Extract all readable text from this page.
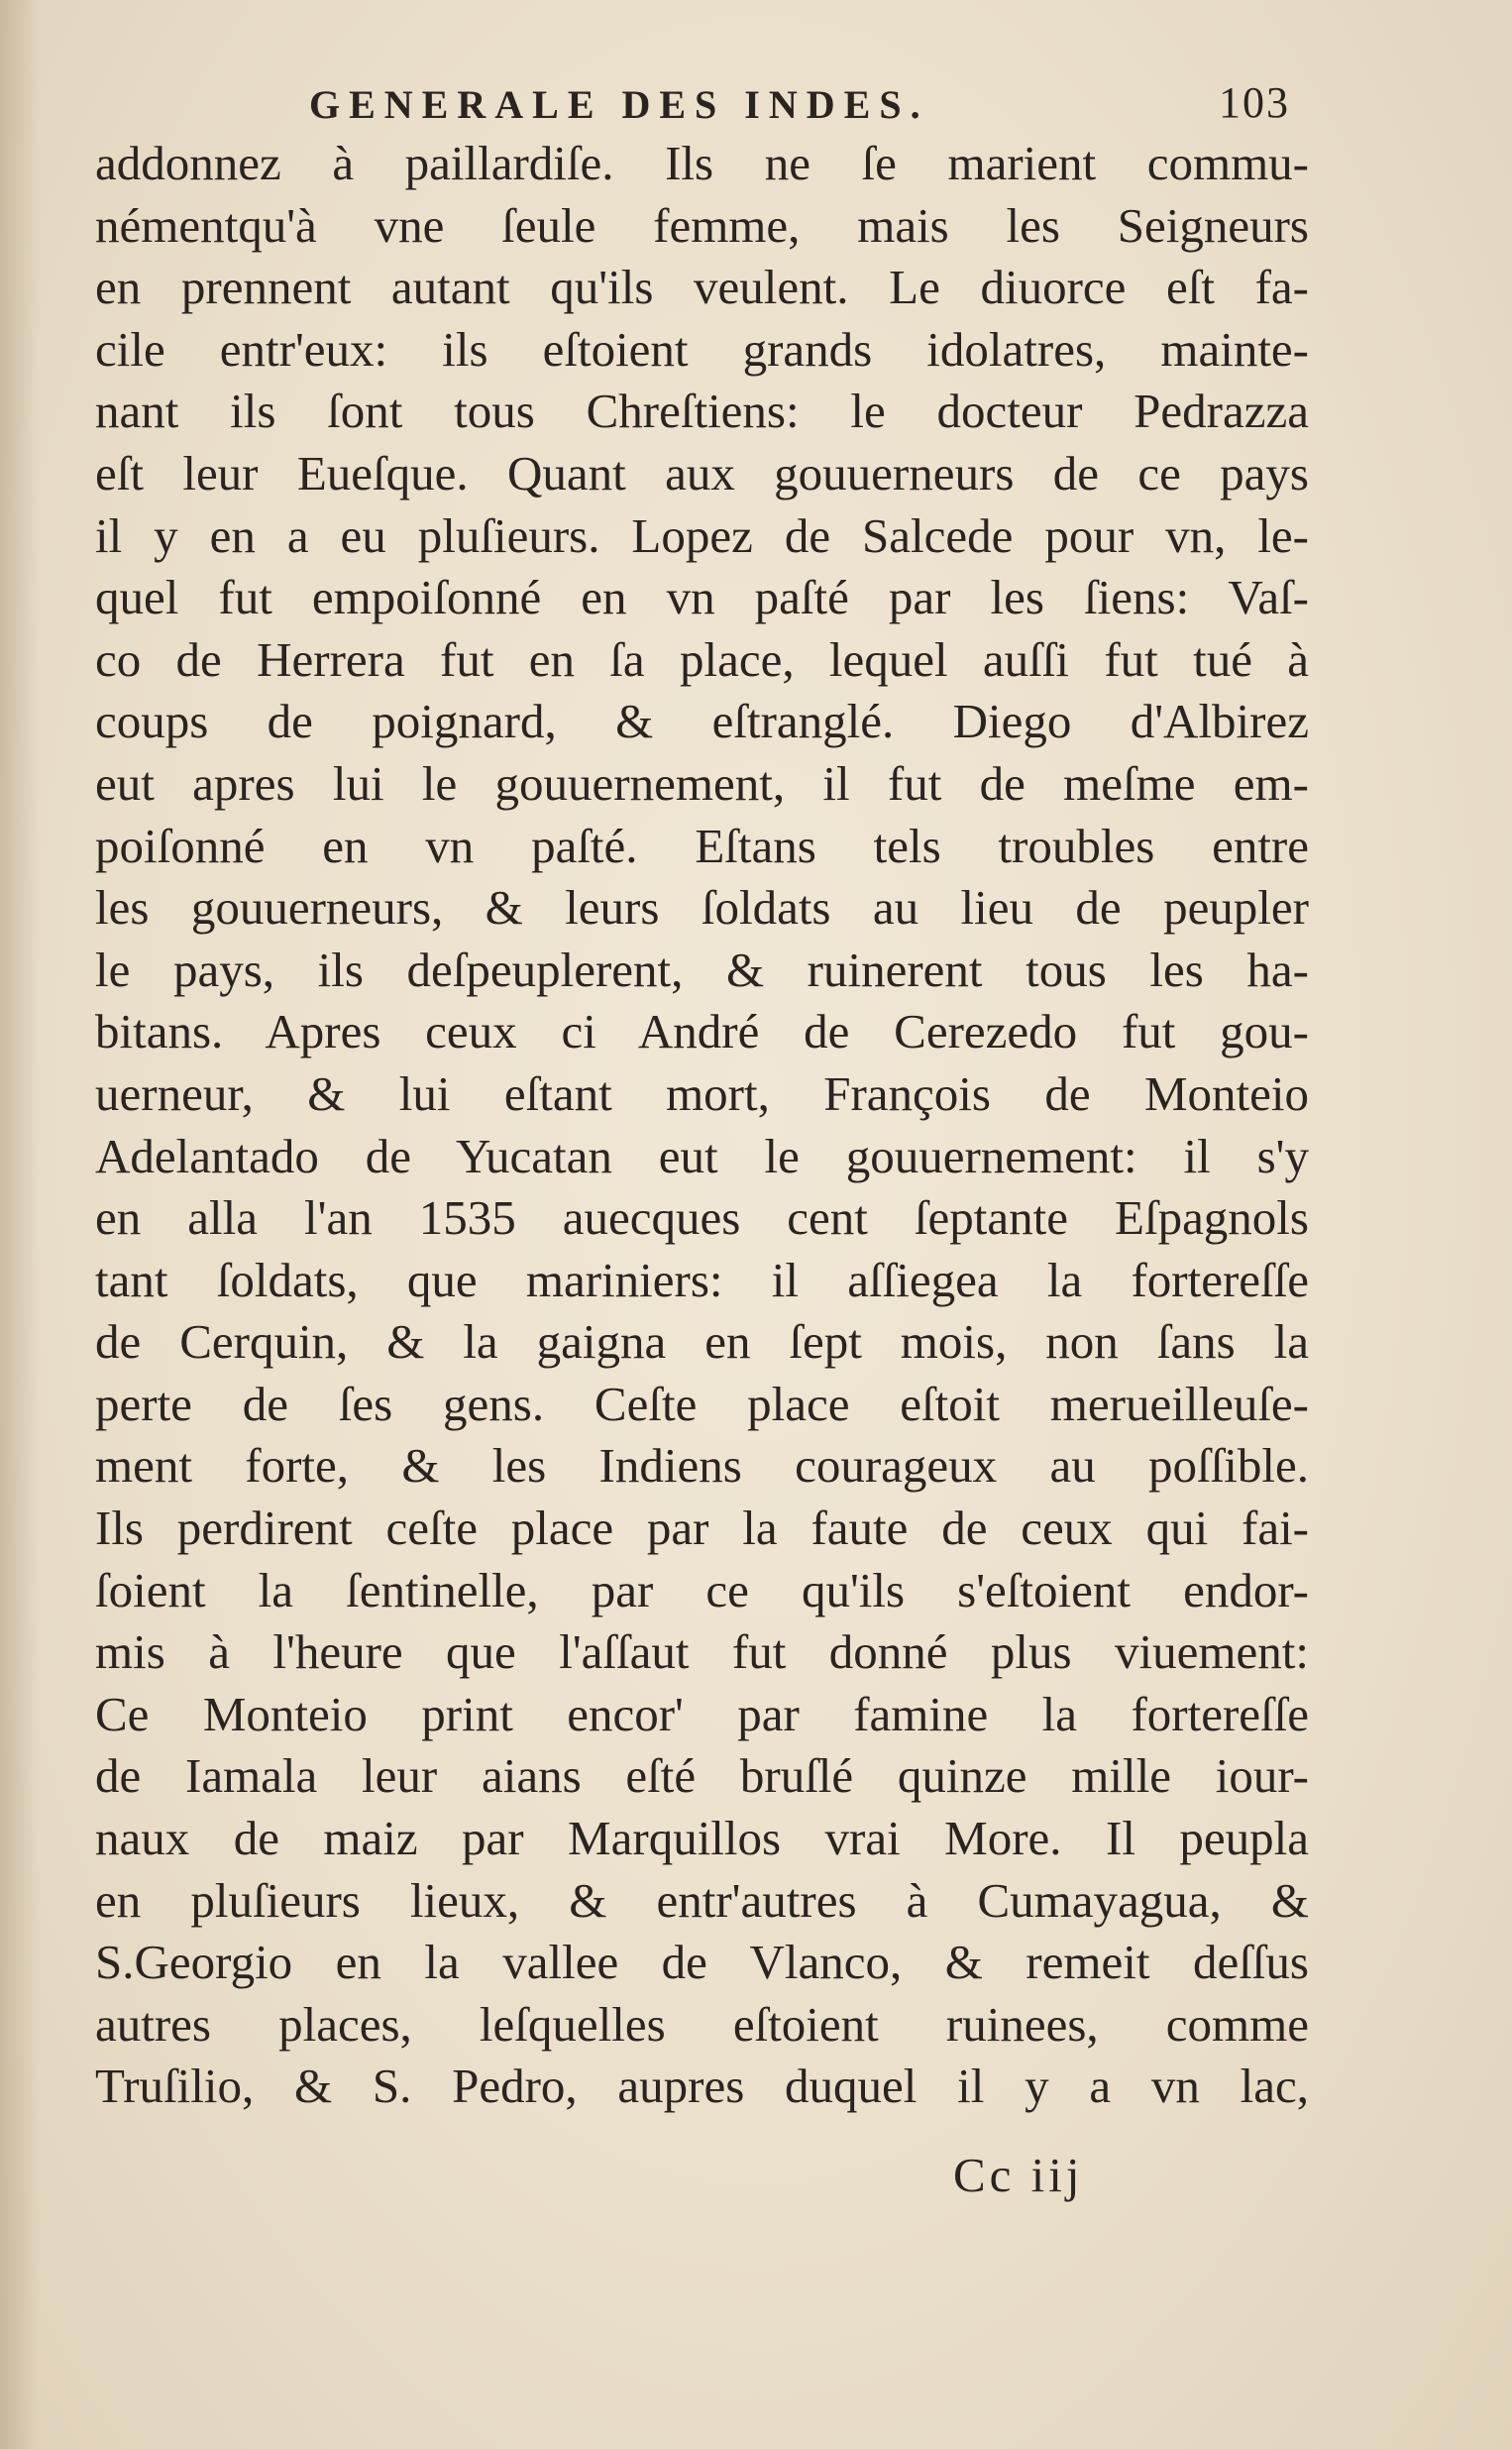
GENERALE DES INDES.	103
addonnez à paillardiſe. Ils ne ſe marient commu-
némentqu'à vne ſeule femme, mais les Seigneurs
en prennent autant qu'ils veulent. Le diuorce eſt fa-
cile entr'eux: ils eſtoient grands idolatres, mainte-
nant ils ſont tous Chreſtiens: le docteur Pedrazza
eſt leur Eueſque. Quant aux gouuerneurs de ce pays
il y en a eu pluſieurs. Lopez de Salcede pour vn, le-
quel fut empoiſonné en vn paſté par les ſiens: Vaſ-
co de Herrera fut en ſa place, lequel auſſi fut tué à
coups de poignard, & eſtranglé. Diego d'Albirez
eut apres lui le gouuernement, il fut de meſme em-
poiſonné en vn paſté. Eſtans tels troubles entre
les gouuerneurs, & leurs ſoldats au lieu de peupler
le pays, ils deſpeuplerent, & ruinerent tous les ha-
bitans. Apres ceux ci André de Cerezedo fut gou-
uerneur, & lui eſtant mort, François de Monteio
Adelantado de Yucatan eut le gouuernement: il s'y
en alla l'an 1535 auecques cent ſeptante Eſpagnols
tant ſoldats, que mariniers: il aſſiegea la fortereſſe
de Cerquin, & la gaigna en ſept mois, non ſans la
perte de ſes gens. Ceſte place eſtoit merueilleuſe-
ment forte, & les Indiens courageux au poſſible.
Ils perdirent ceſte place par la faute de ceux qui fai-
ſoient la ſentinelle, par ce qu'ils s'eſtoient endor-
mis à l'heure que l'aſſaut fut donné plus viuement:
Ce Monteio print encor' par famine la fortereſſe
de Iamala leur aians eſté bruſlé quinze mille iour-
naux de maiz par Marquillos vrai More. Il peupla
en pluſieurs lieux, & entr'autres à Cumayagua, &
S.Georgio en la vallee de Vlanco, & remeit deſſus
autres places, leſquelles eſtoient ruinees, comme
Truſilio, & S. Pedro, aupres duquel il y a vn lac,
Cc iij
